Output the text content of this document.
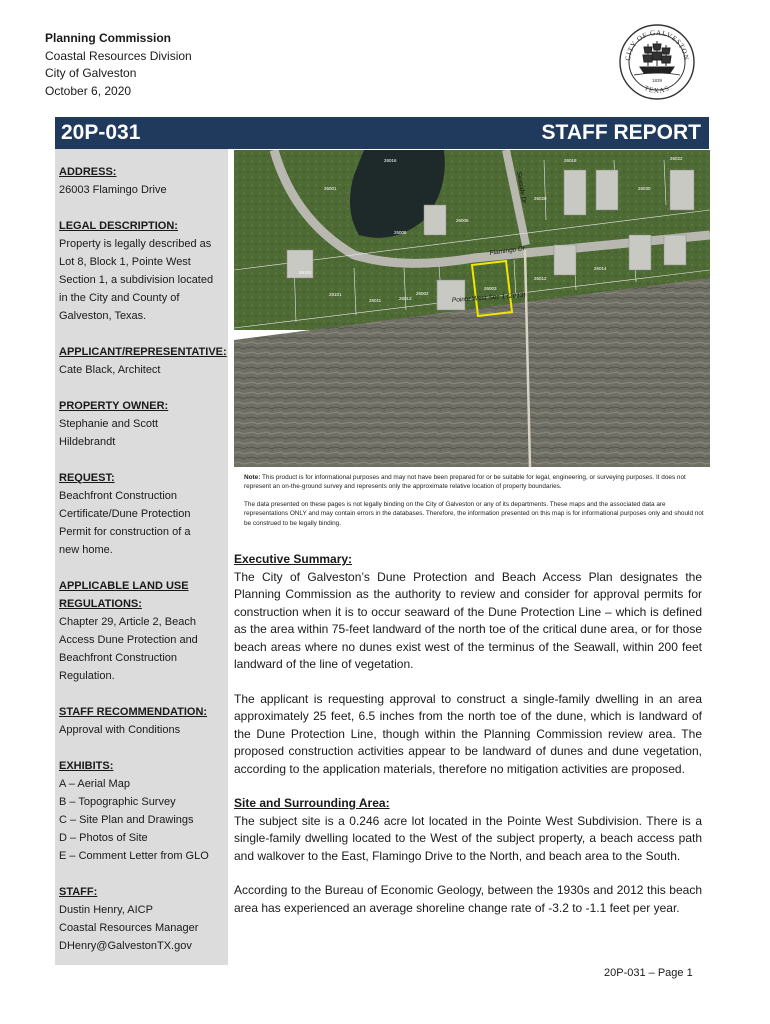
Planning Commission
Coastal Resources Division
City of Galveston
October 6, 2020
CITY OF GALVESTON
TEXAS
1839
20P-031	STAFF REPORT
ADDRESS:
26003 Flamingo Drive
LEGAL DESCRIPTION:
Property is legally described as
Lot 8, Block 1, Pointe West
Section 1, a subdivision located
in the City and County of
Galveston, Texas.
APPLICANT/REPRESENTATIVE:
Cate Black, Architect
PROPERTY OWNER:
Stephanie and Scott
Hildebrandt
REQUEST:
Beachfront Construction
Certificate/Dune Protection
Permit for construction of a
new home.
APPLICABLE LAND USE
REGULATIONS:
Chapter 29, Article 2, Beach
Access Dune Protection and
Beachfront Construction
Regulation.
STAFF RECOMMENDATION:
Approval with Conditions
EXHIBITS:
A – Aerial Map
B – Topographic Survey
C – Site Plan and Drawings
D – Photos of Site
E – Comment Letter from GLO
STAFF:
Dustin Henry, AICP
Coastal Resources Manager
DHenry@GalvestonTX.gov
Flamingo Dr
Seaside Dr
Pointe West Sec 1 (2013)
26003
26005
26001
26011	26013
26101
26102
26006
26002
26012
26014
26020
26018	26022
26030
26016

Note: This product is for informational purposes and may not have been prepared for or be suitable for legal, engineering, or surveying purposes. It does not represent an on-the-ground survey and represents only the approximate relative location of property boundaries.

The data presented on these pages is not legally binding on the City of Galveston or any of its departments. These maps and the associated data are representations ONLY and may contain errors in the databases. Therefore, the information presented on this map is for informational purposes only and should not be construed to be legally binding.

Executive Summary:

The City of Galveston’s Dune Protection and Beach Access Plan designates the Planning Commission as the authority to review and consider for approval permits for construction when it is to occur seaward of the Dune Protection Line – which is defined as the area within 75-feet landward of the north toe of the critical dune area, or for those beach areas where no dunes exist west of the terminus of the Seawall, within 200 feet landward of the line of vegetation.

The applicant is requesting approval to construct a single-family dwelling in an area approximately 25 feet, 6.5 inches from the north toe of the dune, which is landward of the Dune Protection Line, though within the Planning Commission review area. The proposed construction activities appear to be landward of dunes and dune vegetation, according to the application materials, therefore no mitigation activities are proposed.

Site and Surrounding Area:

The subject site is a 0.246 acre lot located in the Pointe West Subdivision. There is a single-family dwelling located to the West of the subject property, a beach access path and walkover to the East, Flamingo Drive to the North, and beach area to the South.

According to the Bureau of Economic Geology, between the 1930s and 2012 this beach area has experienced an average shoreline change rate of -3.2 to -1.1 feet per year.

20P-031 – Page 1
